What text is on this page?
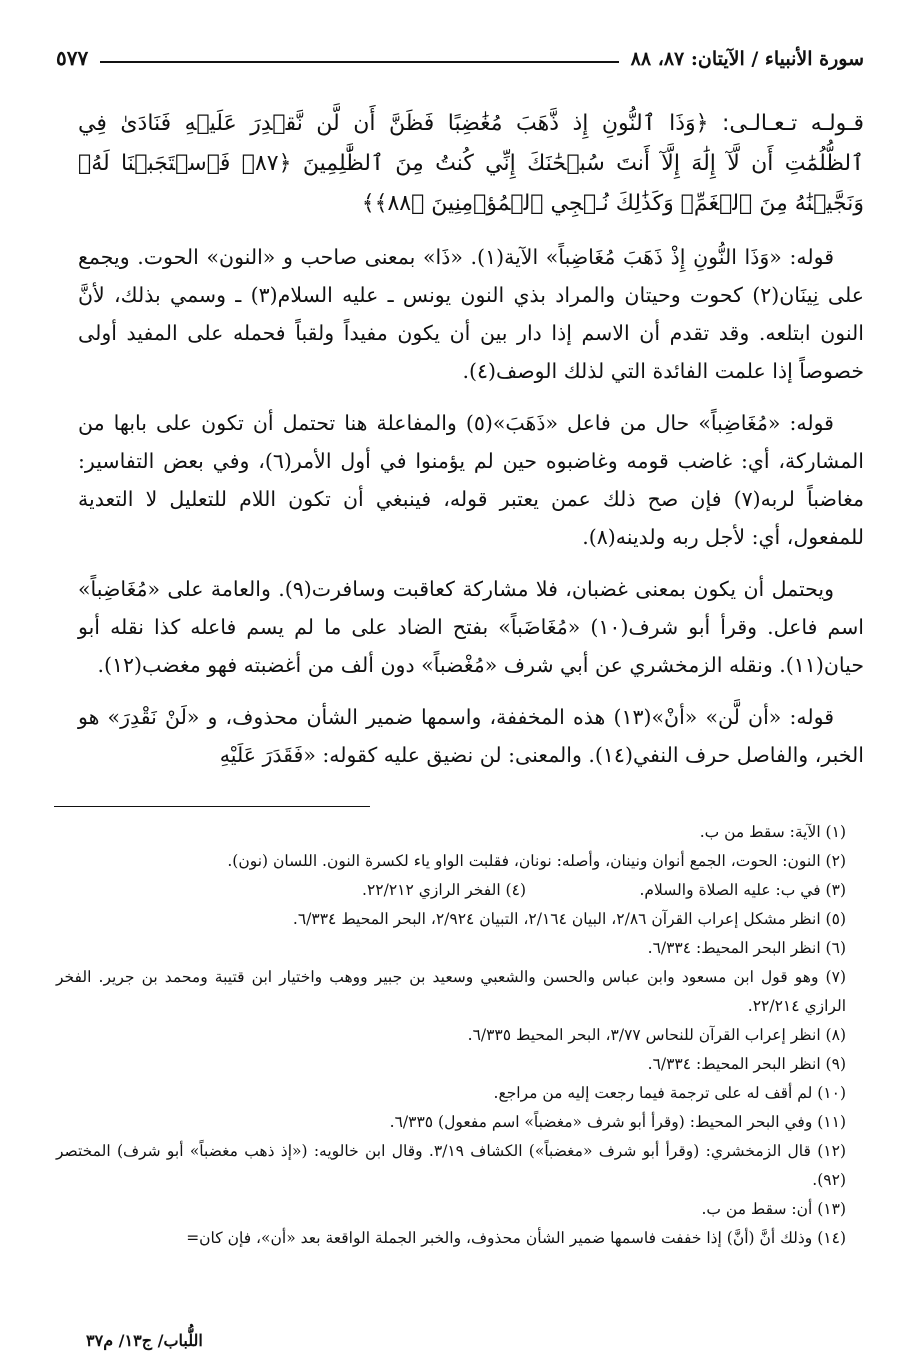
سورة الأنبياء / الآيتان: ٨٧، ٨٨
٥٧٧

قـولـه تـعـالـى: ﴿وَذَا ٱلنُّونِ إِذ ذَّهَبَ مُغَٰضِبًا فَظَنَّ أَن لَّن نَّقۡدِرَ عَلَيۡهِ فَنَادَىٰ فِي ٱلظُّلُمَٰتِ أَن لَّآ إِلَٰهَ إِلَّآ أَنتَ سُبۡحَٰنَكَ إِنِّي كُنتُ مِنَ ٱلظَّٰلِمِينَ ﴿٨٧﴾ فَٱسۡتَجَبۡنَا لَهُۥ وَنَجَّيۡنَٰهُ مِنَ ٱلۡغَمِّۚ وَكَذَٰلِكَ نُـۨجِي ٱلۡمُؤۡمِنِينَ ﴿٨٨﴾﴾

قوله: «وَذَا النُّونِ إِذْ ذَهَبَ مُغَاضِباً» الآية(١). «ذَا» بمعنى صاحب و «النون» الحوت. ويجمع على نِينَان(٢) كحوت وحيتان والمراد بذي النون يونس ـ عليه السلام(٣) ـ وسمي بذلك، لأنَّ النون ابتلعه. وقد تقدم أن الاسم إذا دار بين أن يكون مفيداً ولقباً فحمله على المفيد أولى خصوصاً إذا علمت الفائدة التي لذلك الوصف(٤).

قوله: «مُغَاضِباً» حال من فاعل «ذَهَبَ»(٥) والمفاعلة هنا تحتمل أن تكون على بابها من المشاركة، أي: غاضب قومه وغاضبوه حين لم يؤمنوا في أول الأمر(٦)، وفي بعض التفاسير: مغاضباً لربه(٧) فإن صح ذلك عمن يعتبر قوله، فينبغي أن تكون اللام للتعليل لا التعدية للمفعول، أي: لأجل ربه ولدينه(٨).

ويحتمل أن يكون بمعنى غضبان، فلا مشاركة كعاقبت وسافرت(٩). والعامة على «مُغَاضِباً» اسم فاعل. وقرأ أبو شرف(١٠) «مُغَاضَباً» بفتح الضاد على ما لم يسم فاعله كذا نقله أبو حيان(١١). ونقله الزمخشري عن أبي شرف «مُغْضباً» دون ألف من أغضبته فهو مغضب(١٢).

قوله: «أن لَّن» «أنْ»(١٣) هذه المخففة، واسمها ضمير الشأن محذوف، و «لَنْ نَقْدِرَ» هو الخبر، والفاصل حرف النفي(١٤). والمعنى: لن نضيق عليه كقوله: «فَقَدَرَ عَلَيْهِ

(١) الآية: سقط من ب.

(٢) النون: الحوت، الجمع أنوان ونينان، وأصله: نونان، فقلبت الواو ياء لكسرة النون. اللسان (نون).

(٣) في ب: عليه الصلاة والسلام.
(٤) الفخر الرازي ٢٢/٢١٢.

(٥) انظر مشكل إعراب القرآن ٢/٨٦، البيان ٢/١٦٤، التبيان ٢/٩٢٤، البحر المحيط ٦/٣٣٤.

(٦) انظر البحر المحيط: ٦/٣٣٤.

(٧) وهو قول ابن مسعود وابن عباس والحسن والشعبي وسعيد بن جبير ووهب واختيار ابن قتيبة ومحمد بن جرير. الفخر الرازي ٢٢/٢١٤.

(٨) انظر إعراب القرآن للنحاس ٣/٧٧، البحر المحيط ٦/٣٣٥.

(٩) انظر البحر المحيط: ٦/٣٣٤.

(١٠) لم أقف له على ترجمة فيما رجعت إليه من مراجع.

(١١) وفي البحر المحيط: (وقرأ أبو شرف «مغضباً» اسم مفعول) ٦/٣٣٥.

(١٢) قال الزمخشري: (وقرأ أبو شرف «مغضباً») الكشاف ٣/١٩. وقال ابن خالويه: («إذ ذهب مغضباً» أبو شرف) المختصر (٩٢).

(١٣) أن: سقط من ب.

(١٤) وذلك أنَّ (أنَّ) إذا خففت فاسمها ضمير الشأن محذوف، والخبر الجملة الواقعة بعد «أن»، فإن كان=

اللُّباب/ ج١٣/ م٣٧
